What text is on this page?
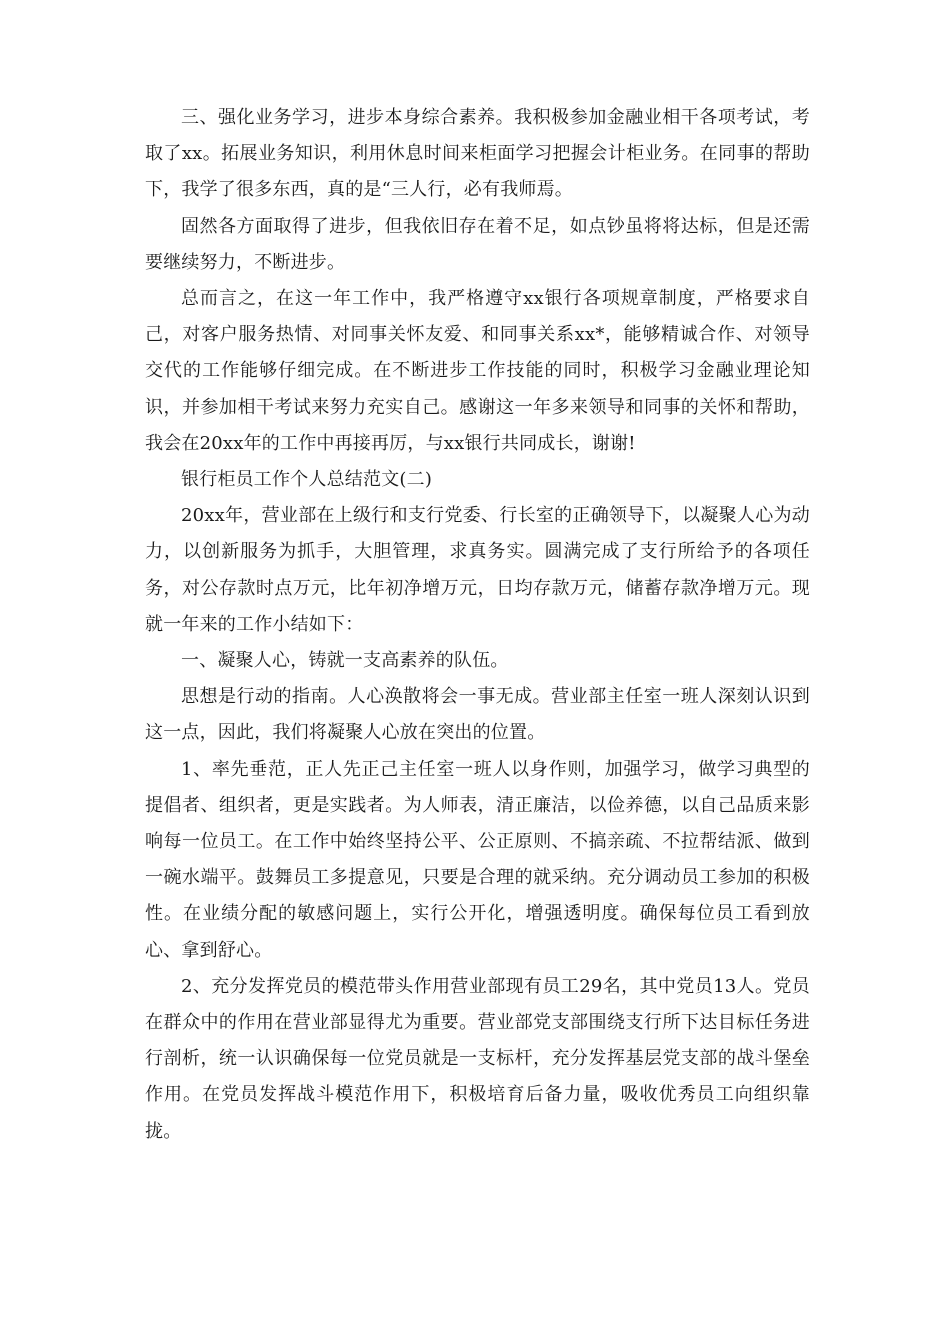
三、强化业务学习，进步本身综合素养。我积极参加金融业相干各项考试，考取了xx。拓展业务知识，利用休息时间来柜面学习把握会计柜业务。在同事的帮助下，我学了很多东西，真的是“三人行，必有我师焉。

固然各方面取得了进步，但我依旧存在着不足，如点钞虽将将达标，但是还需要继续努力，不断进步。

总而言之，在这一年工作中，我严格遵守xx银行各项规章制度，严格要求自己，对客户服务热情、对同事关怀友爱、和同事关系xx*，能够精诚合作、对领导交代的工作能够仔细完成。在不断进步工作技能的同时，积极学习金融业理论知识，并参加相干考试来努力充实自己。感谢这一年多来领导和同事的关怀和帮助，我会在20xx年的工作中再接再厉，与xx银行共同成长，谢谢!

银行柜员工作个人总结范文(二)

20xx年，营业部在上级行和支行党委、行长室的正确领导下，以凝聚人心为动力，以创新服务为抓手，大胆管理，求真务实。圆满完成了支行所给予的各项任务，对公存款时点万元，比年初净增万元，日均存款万元，储蓄存款净增万元。现就一年来的工作小结如下：

一、凝聚人心，铸就一支高素养的队伍。

思想是行动的指南。人心涣散将会一事无成。营业部主任室一班人深刻认识到这一点，因此，我们将凝聚人心放在突出的位置。

1、率先垂范，正人先正己主任室一班人以身作则，加强学习，做学习典型的提倡者、组织者，更是实践者。为人师表，清正廉洁，以俭养德，以自己品质来影响每一位员工。在工作中始终坚持公平、公正原则、不搞亲疏、不拉帮结派、做到一碗水端平。鼓舞员工多提意见，只要是合理的就采纳。充分调动员工参加的积极性。在业绩分配的敏感问题上，实行公开化，增强透明度。确保每位员工看到放心、拿到舒心。

2、充分发挥党员的模范带头作用营业部现有员工29名，其中党员13人。党员在群众中的作用在营业部显得尤为重要。营业部党支部围绕支行所下达目标任务进行剖析，统一认识确保每一位党员就是一支标杆，充分发挥基层党支部的战斗堡垒作用。在党员发挥战斗模范作用下，积极培育后备力量，吸收优秀员工向组织靠拢。
